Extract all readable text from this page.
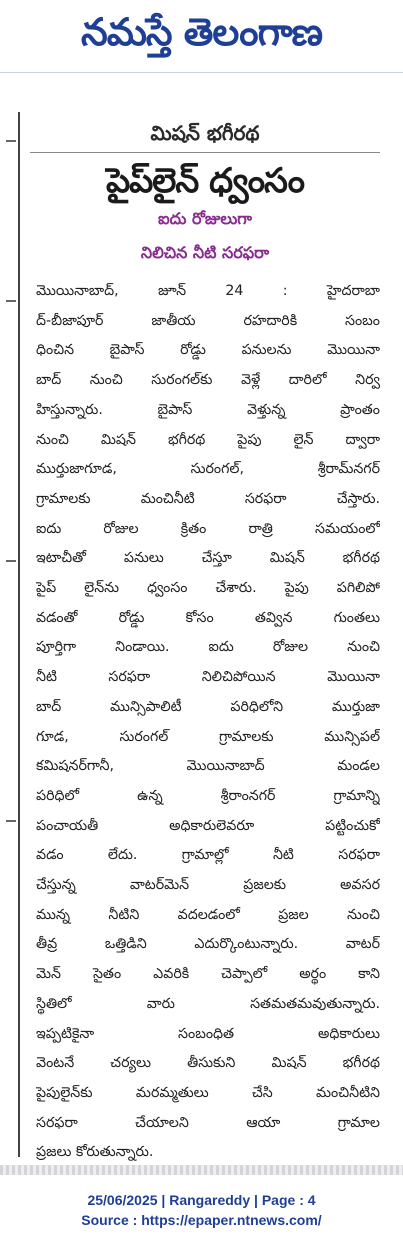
నమస్తే తెలంగాణ

మిషన్ భగీరథ

పైప్‌లైన్ ధ్వంసం

ఐదు రోజులుగా

నిలిచిన నీటి సరఫరా

మొయినాబాద్, జూన్ 24 : హైదరాబా
ద్-బీజాపూర్ జాతీయ రహదారికి సంబం
ధించిన బైపాస్ రోడ్డు పనులను మొయినా
బాద్ నుంచి సురంగల్‌కు వెళ్లే దారిలో నిర్వ
హిస్తున్నారు. బైపాస్ వెళ్తున్న ప్రాంతం
నుంచి మిషన్ భగీరథ పైపు లైన్ ద్వారా
ముర్తుజాగూడ, సురంగల్, శ్రీరామ్‌నగర్
గ్రామాలకు మంచినీటి సరఫరా చేస్తారు.
ఐదు రోజుల క్రితం రాత్రి సమయంలో
ఇటాచీతో పనులు చేస్తూ మిషన్ భగీరథ
పైప్ లైన్‌ను ధ్వంసం చేశారు. పైపు పగిలిపో
వడంతో రోడ్డు కోసం తవ్విన గుంతలు
పూర్తిగా నిండాయి. ఐదు రోజుల నుంచి
నీటి సరఫరా నిలిచిపోయిన మొయినా
బాద్ మున్సిపాలిటీ పరిధిలోని ముర్తుజా
గూడ, సురంగల్ గ్రామాలకు మున్సిపల్
కమిషనర్‌గానీ, మొయినాబాద్ మండల
పరిధిలో ఉన్న శ్రీరాంనగర్ గ్రామాన్ని
పంచాయతీ అధికారులెవరూ పట్టించుకో
వడం లేదు. గ్రామాల్లో నీటి సరఫరా
చేస్తున్న వాటర్‌మెన్ ప్రజలకు అవసర
మున్న నీటిని వదలడంలో ప్రజల నుంచి
తీవ్ర ఒత్తిడిని ఎదుర్కొంటున్నారు. వాటర్
మెన్ సైతం ఎవరికి చెప్పాలో అర్థం కాని
స్థితిలో వారు సతమతమవుతున్నారు.
ఇప్పటికైనా సంబంధిత అధికారులు
వెంటనే చర్యలు తీసుకుని మిషన్ భగీరథ
పైపులైన్‌కు మరమ్మతులు చేసి మంచినీటిని
సరఫరా చేయాలని ఆయా గ్రామాల
ప్రజలు కోరుతున్నారు.
25/06/2025 | Rangareddy | Page : 4
Source : https://epaper.ntnews.com/
